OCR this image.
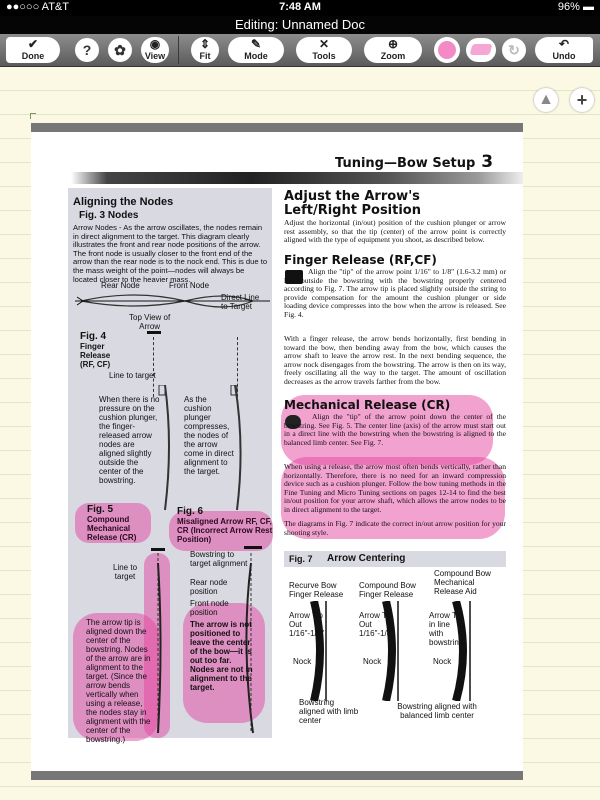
●●○○○ AT&T	7:48 AM	96% ▬
Editing: Unnamed Doc
✔
Done	?	✿	◉
View
⇕
Fit
✎
Mode
✕
Tools
⊕
Zoom	↻	↶
Undo
▲	+
Tuning—Bow Setup 3
Aligning the Nodes
Fig. 3 Nodes
Arrow Nodes - As the arrow oscillates, the nodes remain in direct alignment to the target. This diagram clearly illustrates the front and rear node positions of the arrow. The front node is usually closer to the front end of the arrow than the rear node is to the nock end. This is due to the mass weight of the point—nodes will always be located closer to the heavier mass.
Rear Node	Front Node
Direct Line
to Target
Top View of
Arrow
Fig. 4
Finger
Release
(RF, CF)
Line to target
When there is no pressure on the cushion plunger, the finger-released arrow nodes are aligned slightly outside the center of the bowstring.
As the cushion plunger compresses, the nodes of the arrow come in direct alignment to the target.
Fig. 5
Compound Mechanical Release (CR)
Fig. 6
Misaligned Arrow RF, CF, CR (Incorrect Arrow Rest Position)
Line to
target
Bowstring to target alignment
Rear node position
Front node position
The arrow tip is aligned down the center of the bowstring. Nodes of the arrow are in alignment to the target. (Since the arrow bends vertically when using a release, the nodes stay in alignment with the center of the bowstring.)
The arrow is not positioned to leave the center of the bow—it is out too far. Nodes are not in alignment to the target.
Adjust the Arrow's
Left/Right Position
Adjust the horizontal (in/out) position of the cushion plunger or arrow rest assembly, so that the tip (center) of the arrow point is correctly aligned with the type of equipment you shoot, as described below.
Finger Release (RF,CF)
Align the "tip" of the arrow point 1/16" to 1/8" (1.6-3.2 mm) or less outside the bowstring with the bowstring properly centered according to Fig. 7. The arrow tip is placed slightly outside the string to provide compensation for the amount the cushion plunger or side loading device compresses into the bow when the arrow is released. See Fig. 4.
With a finger release, the arrow bends horizontally, first bending in toward the bow, then bending away from the bow, which causes the arrow shaft to leave the arrow rest. In the next bending sequence, the arrow nock disengages from the bowstring. The arrow is then on its way, freely oscillating all the way to the target. The amount of oscillation decreases as the arrow travels farther from the bow.
Mechanical Release (CR)
Align the "tip" of the arrow point down the center of the bowstring. See Fig. 5. The center line (axis) of the arrow must start out in a direct line with the bowstring when the bowstring is aligned to the balanced limb center. See Fig. 7.
When using a release, the arrow most often bends vertically, rather than horizontally. Therefore, there is no need for an inward compression device such as a cushion plunger. Follow the bow tuning methods in the Fine Tuning and Micro Tuning sections on pages 12-14 to find the best in/out position for your arrow shaft, which allows the arrow nodes to be in direct alignment to the target.
The diagrams in Fig. 7 indicate the correct in/out arrow position for your shooting style.
Fig. 7 Arrow Centering
Recurve Bow Finger Release
Compound Bow Finger Release
Compound Bow Mechanical Release Aid
Arrow Tip Out
1/16"-1/8"
Arrow Tip Out
1/16"-1/8"
Arrow Tip in line with bowstring
Nock	Nock	Nock
Bowstring aligned with limb center
Bowstring aligned with balanced limb center
